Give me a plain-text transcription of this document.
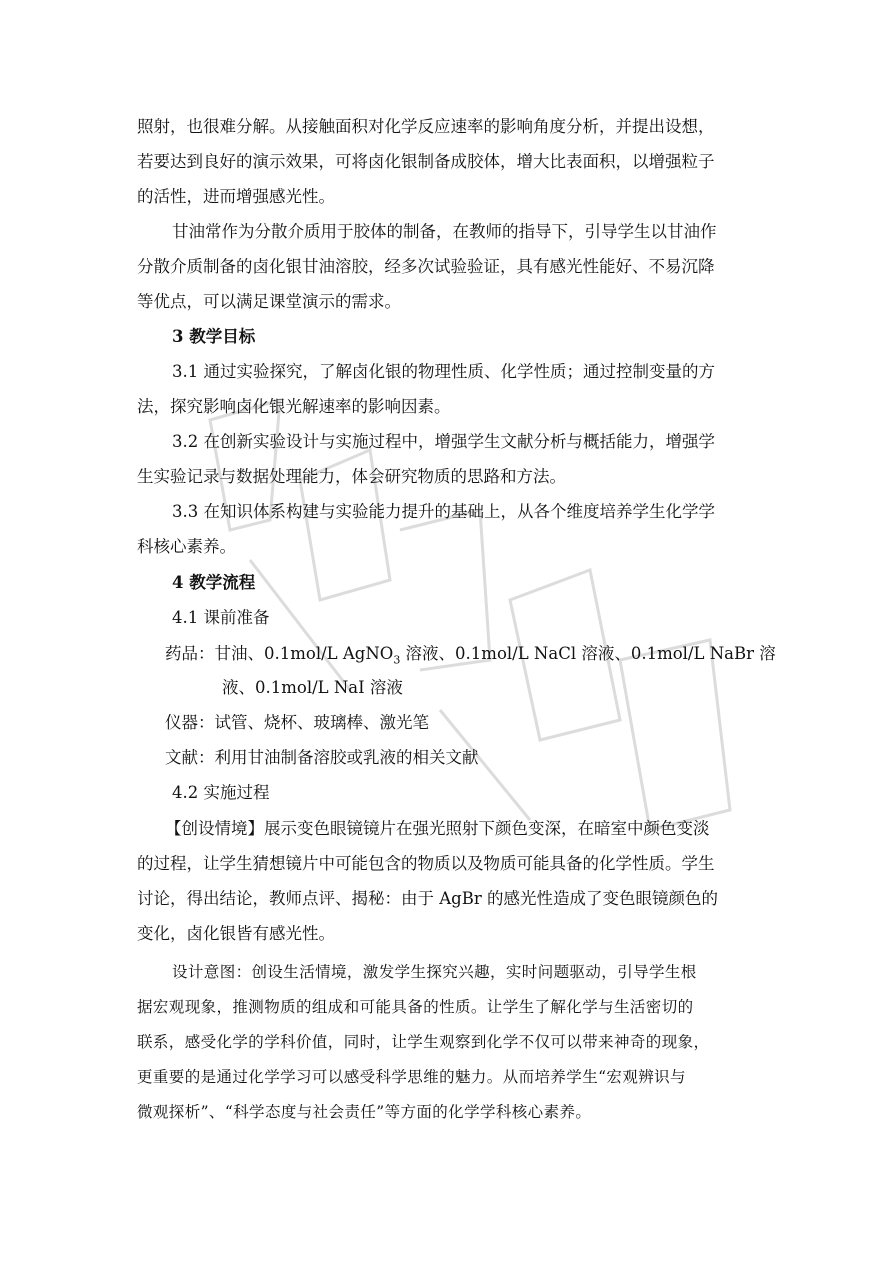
照射，也很难分解。从接触面积对化学反应速率的影响角度分析，并提出设想，
若要达到良好的演示效果，可将卤化银制备成胶体，增大比表面积，以增强粒子
的活性，进而增强感光性。
甘油常作为分散介质用于胶体的制备，在教师的指导下，引导学生以甘油作
分散介质制备的卤化银甘油溶胶，经多次试验验证，具有感光性能好、不易沉降
等优点，可以满足课堂演示的需求。
3 教学目标
3.1 通过实验探究，了解卤化银的物理性质、化学性质；通过控制变量的方
法，探究影响卤化银光解速率的影响因素。
3.2 在创新实验设计与实施过程中，增强学生文献分析与概括能力，增强学
生实验记录与数据处理能力，体会研究物质的思路和方法。
3.3 在知识体系构建与实验能力提升的基础上，从各个维度培养学生化学学
科核心素养。
4 教学流程
4.1 课前准备
药品：甘油、0.1mol/L AgNO$_3$ 溶液、0.1mol/L NaCl 溶液、0.1mol/L NaBr 溶
液、0.1mol/L NaI 溶液
仪器：试管、烧杯、玻璃棒、激光笔
文献：利用甘油制备溶胶或乳液的相关文献
4.2 实施过程
【创设情境】展示变色眼镜镜片在强光照射下颜色变深，在暗室中颜色变淡
的过程，让学生猜想镜片中可能包含的物质以及物质可能具备的化学性质。学生
讨论，得出结论，教师点评、揭秘：由于 AgBr 的感光性造成了变色眼镜颜色的
变化，卤化银皆有感光性。
设计意图：创设生活情境，激发学生探究兴趣，实时问题驱动，引导学生根
据宏观现象，推测物质的组成和可能具备的性质。让学生了解化学与生活密切的
联系，感受化学的学科价值，同时，让学生观察到化学不仅可以带来神奇的现象，
更重要的是通过化学学习可以感受科学思维的魅力。从而培养学生“宏观辨识与
微观探析”、“科学态度与社会责任”等方面的化学学科核心素养。
